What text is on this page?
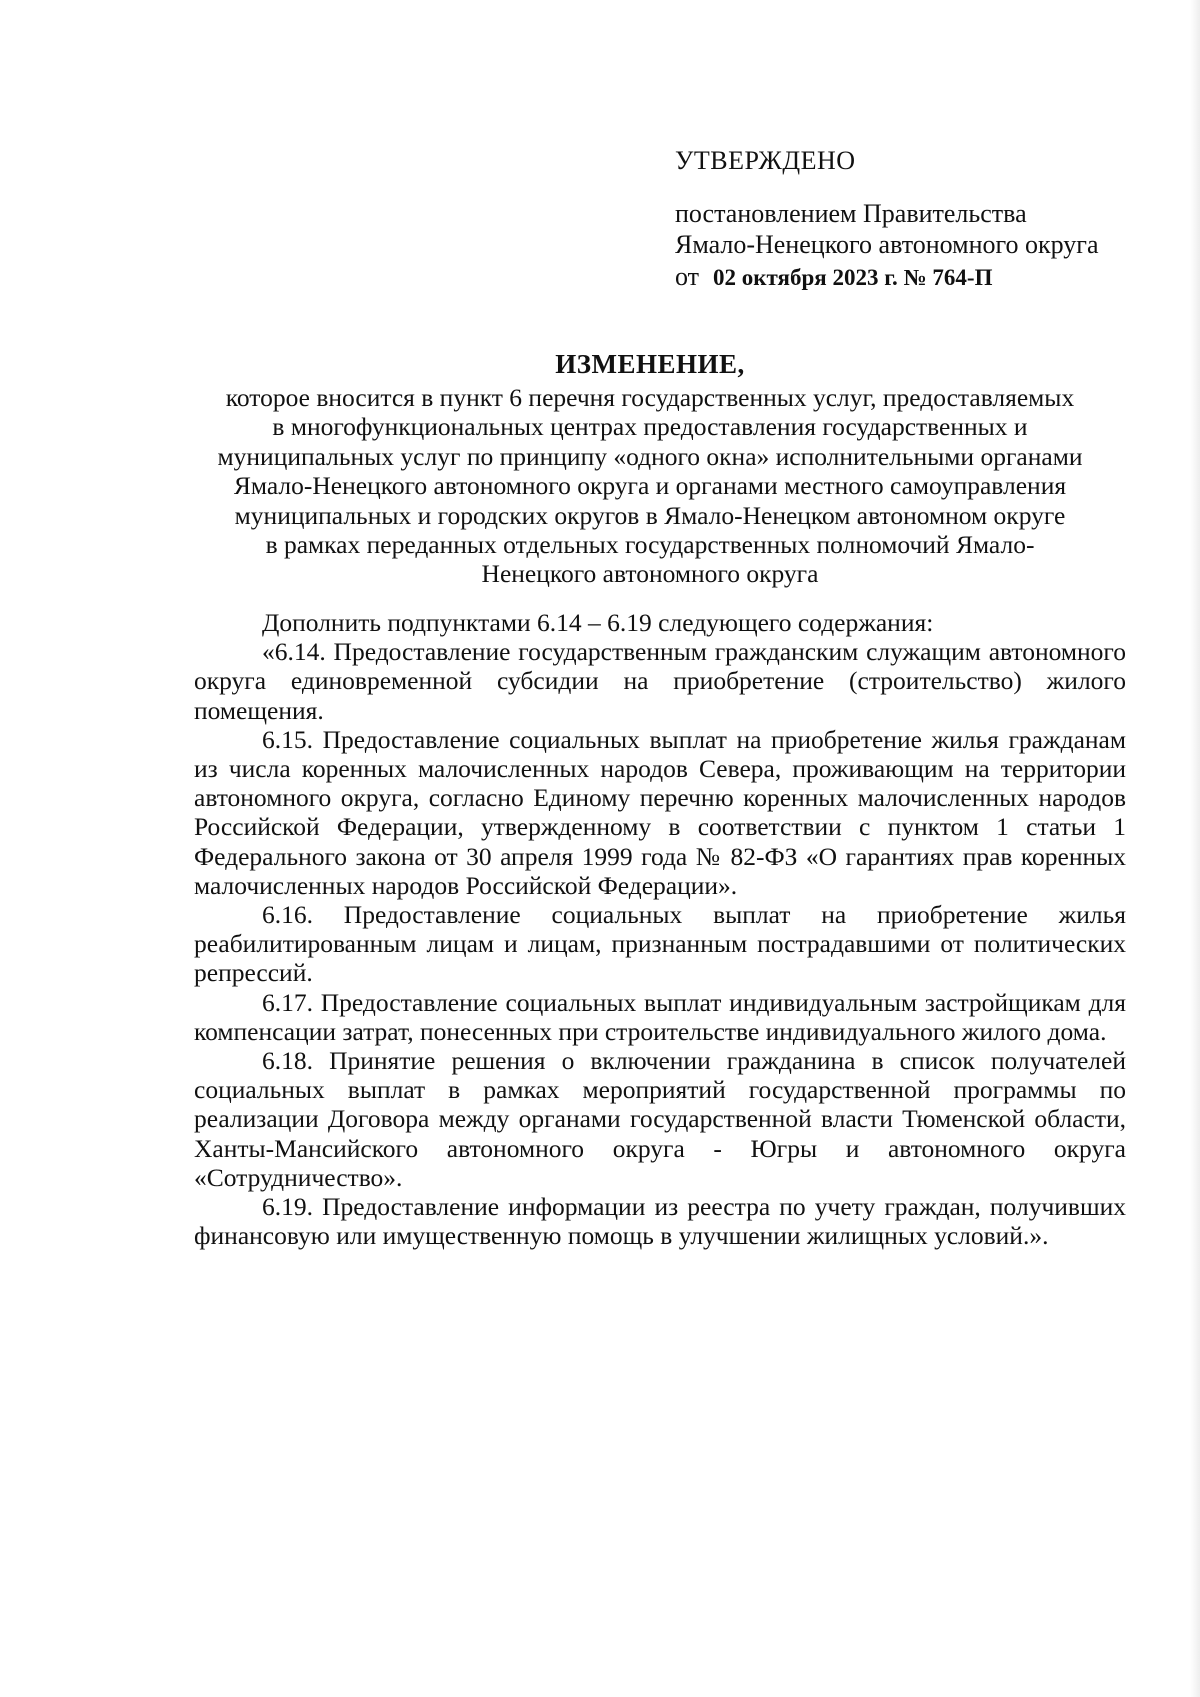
УТВЕРЖДЕНО
постановлением Правительства
Ямало-Ненецкого автономного округа
от 02 октября 2023 г. № 764-П
ИЗМЕНЕНИЕ,
которое вносится в пункт 6 перечня государственных услуг, предоставляемых
в многофункциональных центрах предоставления государственных и
муниципальных услуг по принципу «одного окна» исполнительными органами
Ямало-Ненецкого автономного округа и органами местного самоуправления
муниципальных и городских округов в Ямало-Ненецком автономном округе
в рамках переданных отдельных государственных полномочий Ямало-
Ненецкого автономного округа

Дополнить подпунктами 6.14 – 6.19 следующего содержания:

«6.14. Предоставление государственным гражданским служащим автономного округа единовременной субсидии на приобретение (строительство) жилого помещения.

6.15. Предоставление социальных выплат на приобретение жилья гражданам из числа коренных малочисленных народов Севера, проживающим на территории автономного округа, согласно Единому перечню коренных малочисленных народов Российской Федерации, утвержденному в соответствии с пунктом 1 статьи 1 Федерального закона от 30 апреля 1999 года № 82-ФЗ «О гарантиях прав коренных малочисленных народов Российской Федерации».

6.16. Предоставление социальных выплат на приобретение жилья реабилитированным лицам и лицам, признанным пострадавшими от политических репрессий.

6.17. Предоставление социальных выплат индивидуальным застройщикам для компенсации затрат, понесенных при строительстве индивидуального жилого дома.

6.18. Принятие решения о включении гражданина в список получателей социальных выплат в рамках мероприятий государственной программы по реализации Договора между органами государственной власти Тюменской области, Ханты-Мансийского автономного округа - Югры и автономного округа «Сотрудничество».

6.19. Предоставление информации из реестра по учету граждан, получивших финансовую или имущественную помощь в улучшении жилищных условий.».
